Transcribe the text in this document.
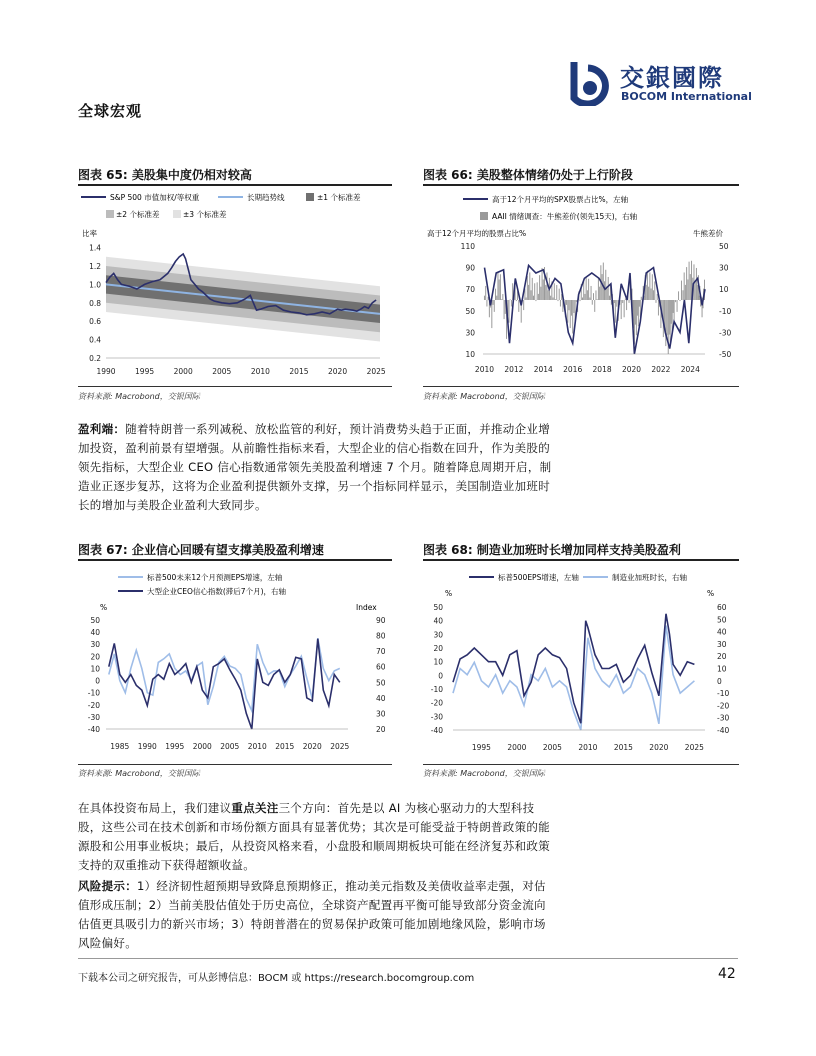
全球宏观
交銀國際
BOCOM International
图表 65: 美股集中度仍相对较高
S&P 500 市值加权/等权重	长期趋势线	±1 个标准差
±2 个标准差	±3 个标准差
比率
0.2
0.4
0.6
0.8
1.0
1.2
1.4
1990	1995	2000	2005	2010	2015	2020	2025
资料来源: Macrobond，交银国际
图表 66: 美股整体情绪仍处于上行阶段
高于12个月平均的SPX股票占比%，左轴
AAII 情绪调查：牛熊差价(领先15天)，右轴
高于12个月平均的股票占比%	牛熊差价
10
30
50
70
90
110
-50
-30
-10
10
30
50
2010 2012 2014 2016 2018 2020 2022 2024
资料来源: Macrobond，交银国际
盈利端：随着特朗普一系列减税、放松监管的利好，预计消费势头趋于正面，并推动企业增加投资，盈利前景有望增强。从前瞻性指标来看，大型企业的信心指数在回升，作为美股的领先指标，大型企业 CEO 信心指数通常领先美股盈利增速 7 个月。随着降息周期开启，制造业正逐步复苏，这将为企业盈利提供额外支撑，另一个指标同样显示，美国制造业加班时长的增加与美股企业盈利大致同步。
图表 67: 企业信心回暖有望支撑美股盈利增速
标普500未来12个月预测EPS增速，左轴
大型企业CEO信心指数(滞后7个月)，右轴
%	Index
-40
-30
-20
-10
0
10
20
30
40
50
20
30
40
50
60
70
80
90
1985 1990 1995 2000 2005 2010 2015 2020 2025
资料来源: Macrobond，交银国际
图表 68: 制造业加班时长增加同样支持美股盈利
标普500EPS增速，左轴	制造业加班时长，右轴
%	%
-40
-30
-20
-10
0
10
20
30
40
50
-40
-30
-20
-10
0
10
20
30
40
50
60
1995 2000 2005 2010 2015 2020 2025
资料来源: Macrobond，交银国际
在具体投资布局上，我们建议重点关注三个方向：首先是以 AI 为核心驱动力的大型科技股，这些公司在技术创新和市场份额方面具有显著优势；其次是可能受益于特朗普政策的能源股和公用事业板块；最后，从投资风格来看，小盘股和顺周期板块可能在经济复苏和政策支持的双重推动下获得超额收益。
风险提示：1）经济韧性超预期导致降息预期修正，推动美元指数及美债收益率走强，对估值形成压制；2）当前美股估值处于历史高位，全球资产配置再平衡可能导致部分资金流向估值更具吸引力的新兴市场；3）特朗普潜在的贸易保护政策可能加剧地缘风险，影响市场风险偏好。
下载本公司之研究报告，可从彭博信息：BOCM 或 https://research.bocomgroup.com	42
